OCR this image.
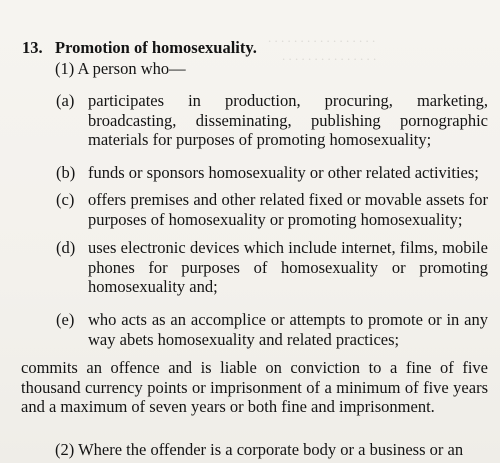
. . . . . . . . . . . . . . . . .
. . . . . . . . . . . . . . .
13. Promotion of homosexuality.
(1) A person who—
(a) participates in production, procuring, marketing, broadcasting, disseminating, publishing pornographic materials for purposes of promoting homosexuality;
(b) funds or sponsors homosexuality or other related activities;
(c) offers premises and other related fixed or movable assets for purposes of homosexuality or promoting homosexuality;
(d) uses electronic devices which include internet, films, mobile phones for purposes of homosexuality or promoting homosexuality and;
(e) who acts as an accomplice or attempts to promote or in any way abets homosexuality and related practices;
commits an offence and is liable on conviction to a fine of five thousand currency points or imprisonment of a minimum of five years and a maximum of seven years or both fine and imprisonment.
(2) Where the offender is a corporate body or a business or an
